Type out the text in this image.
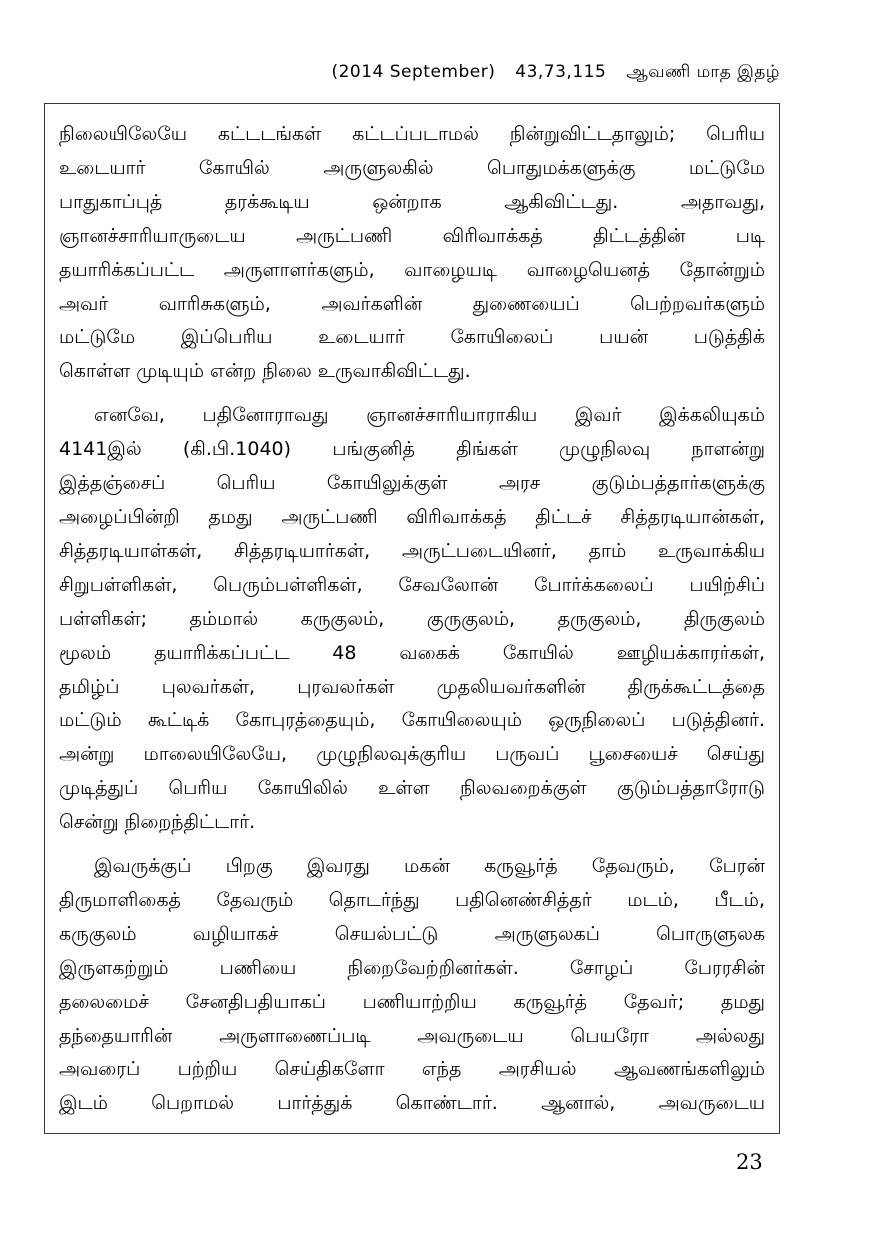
(2014 September) 43,73,115 ஆவணி மாத இதழ்
நிலையிலேயே கட்டடங்கள் கட்டப்படாமல் நின்றுவிட்டதாலும்; பெரிய
உடையார் கோயில் அருளுலகில் பொதுமக்களுக்கு மட்டுமே
பாதுகாப்புத் தரக்கூடிய ஒன்றாக ஆகிவிட்டது. அதாவது,
ஞானச்சாரியாருடைய அருட்பணி விரிவாக்கத் திட்டத்தின் படி
தயாரிக்கப்பட்ட அருளாளர்களும், வாழையடி வாழையெனத் தோன்றும்
அவர் வாரிசுகளும், அவர்களின் துணையைப் பெற்றவர்களும்
மட்டுமே இப்பெரிய உடையார் கோயிலைப் பயன் படுத்திக்
கொள்ள முடியும் என்ற நிலை உருவாகிவிட்டது.
எனவே, பதினோராவது ஞானச்சாரியாராகிய இவர் இக்கலியுகம்
4141இல் (கி.பி.1040) பங்குனித் திங்கள் முழுநிலவு நாளன்று
இத்தஞ்சைப் பெரிய கோயிலுக்குள் அரச குடும்பத்தார்களுக்கு
அழைப்பின்றி தமது அருட்பணி விரிவாக்கத் திட்டச் சித்தரடியான்கள்,
சித்தரடியாள்கள், சித்தரடியார்கள், அருட்படையினர், தாம் உருவாக்கிய
சிறுபள்ளிகள், பெரும்பள்ளிகள், சேவலோன் போர்க்கலைப் பயிற்சிப்
பள்ளிகள்; தம்மால் கருகுலம், குருகுலம், தருகுலம், திருகுலம்
மூலம் தயாரிக்கப்பட்ட 48 வகைக் கோயில் ஊழியக்காரர்கள்,
தமிழ்ப் புலவர்கள், புரவலர்கள் முதலியவர்களின் திருக்கூட்டத்தை
மட்டும் கூட்டிக் கோபுரத்தையும், கோயிலையும் ஒருநிலைப் படுத்தினர்.
அன்று மாலையிலேயே, முழுநிலவுக்குரிய பருவப் பூசையைச் செய்து
முடித்துப் பெரிய கோயிலில் உள்ள நிலவறைக்குள் குடும்பத்தாரோடு
சென்று நிறைந்திட்டார்.
இவருக்குப் பிறகு இவரது மகன் கருவூர்த் தேவரும், பேரன்
திருமாளிகைத் தேவரும் தொடர்ந்து பதினெண்சித்தர் மடம், பீடம்,
கருகுலம் வழியாகச் செயல்பட்டு அருளுலகப் பொருளுலக
இருளகற்றும் பணியை நிறைவேற்றினர்கள். சோழப் பேரரசின்
தலைமைச் சேனதிபதியாகப் பணியாற்றிய கருவூர்த் தேவர்; தமது
தந்தையாரின் அருளாணைப்படி அவருடைய பெயரோ அல்லது
அவரைப் பற்றிய செய்திகளோ எந்த அரசியல் ஆவணங்களிலும்
இடம் பெறாமல் பார்த்துக் கொண்டார். ஆனால், அவருடைய
23
